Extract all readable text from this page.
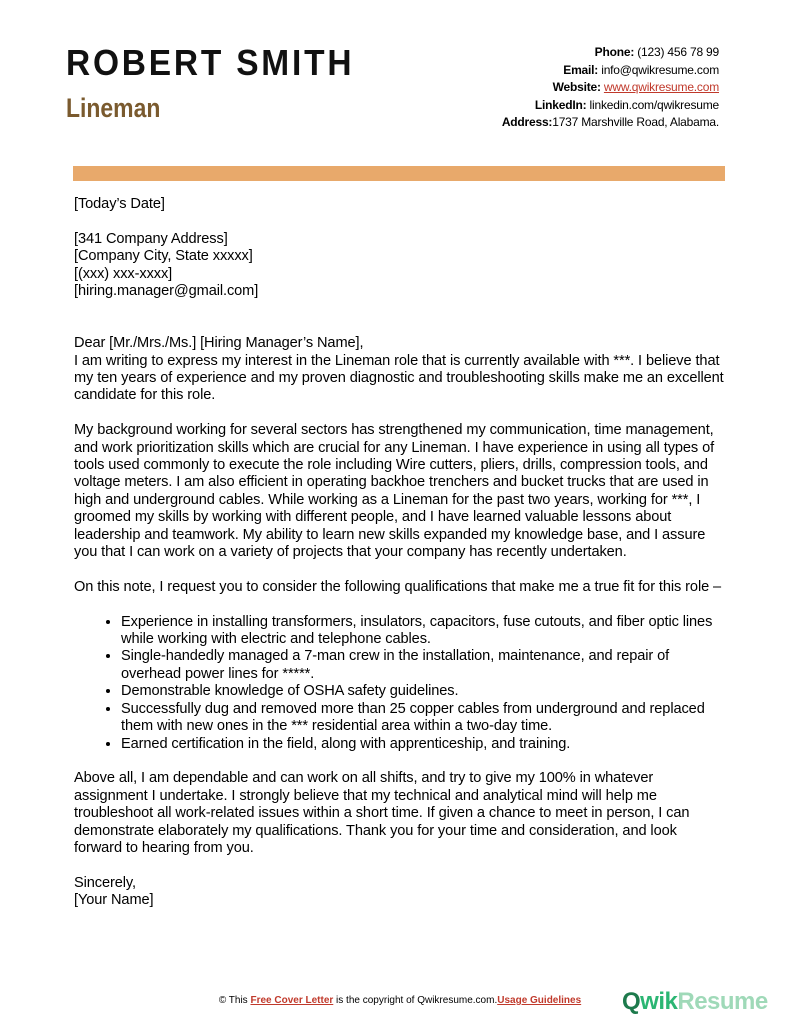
ROBERT SMITH
Lineman
Phone: (123) 456 78 99
Email: info@qwikresume.com
Website: www.qwikresume.com
LinkedIn: linkedin.com/qwikresume
Address:1737 Marshville Road, Alabama.

[Today’s Date]

[341 Company Address]

[Company City, State xxxxx]

[(xxx) xxx-xxxx]

[hiring.manager@gmail.com]

Dear [Mr./Mrs./Ms.] [Hiring Manager’s Name],

I am writing to express my interest in the Lineman role that is currently available with ***. I believe that my ten years of experience and my proven diagnostic and troubleshooting skills make me an excellent candidate for this role.

My background working for several sectors has strengthened my communication, time management, and work prioritization skills which are crucial for any Lineman. I have experience in using all types of tools used commonly to execute the role including Wire cutters, pliers, drills, compression tools, and voltage meters. I am also efficient in operating backhoe trenchers and bucket trucks that are used in high and underground cables. While working as a Lineman for the past two years, working for ***, I groomed my skills by working with different people, and I have learned valuable lessons about leadership and teamwork. My ability to learn new skills expanded my knowledge base, and I assure you that I can work on a variety of projects that your company has recently undertaken.

On this note, I request you to consider the following qualifications that make me a true fit for this role –

• Experience in installing transformers, insulators, capacitors, fuse cutouts, and fiber optic lines while working with electric and telephone cables.
• Single-handedly managed a 7-man crew in the installation, maintenance, and repair of overhead power lines for *****.
• Demonstrable knowledge of OSHA safety guidelines.
• Successfully dug and removed more than 25 copper cables from underground and replaced them with new ones in the *** residential area within a two-day time.
• Earned certification in the field, along with apprenticeship, and training.

Above all, I am dependable and can work on all shifts, and try to give my 100% in whatever assignment I undertake. I strongly believe that my technical and analytical mind will help me troubleshoot all work-related issues within a short time. If given a chance to meet in person, I can demonstrate elaborately my qualifications. Thank you for your time and consideration, and look forward to hearing from you.

Sincerely,

[Your Name]

© This Free Cover Letter is the copyright of Qwikresume.com.Usage Guidelines	QwikResume
